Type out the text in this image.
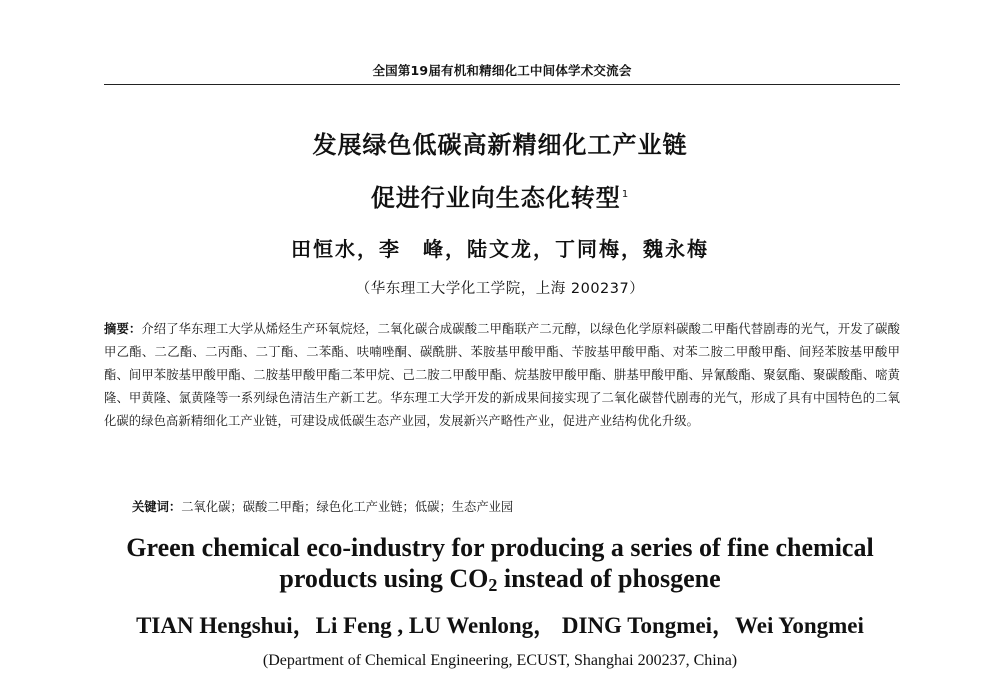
全国第19届有机和精细化工中间体学术交流会
发展绿色低碳高新精细化工产业链
促进行业向生态化转型$^1$
田恒水，李　峰，陆文龙，丁同梅，魏永梅
（华东理工大学化工学院，上海 200237）
摘要：介绍了华东理工大学从烯烃生产环氧烷烃，二氧化碳合成碳酸二甲酯联产二元醇，以绿色化学原料碳酸二甲酯代替剧毒的光气，开发了碳酸甲乙酯、二乙酯、二丙酯、二丁酯、二苯酯、呋喃唑酮、碳酰肼、苯胺基甲酸甲酯、苄胺基甲酸甲酯、对苯二胺二甲酸甲酯、间羟苯胺基甲酸甲酯、间甲苯胺基甲酸甲酯、二胺基甲酸甲酯二苯甲烷、己二胺二甲酸甲酯、烷基胺甲酸甲酯、肼基甲酸甲酯、异氰酸酯、聚氨酯、聚碳酸酯、嘧黄隆、甲黄隆、氯黄隆等一系列绿色清洁生产新工艺。华东理工大学开发的新成果间接实现了二氧化碳替代剧毒的光气，形成了具有中国特色的二氧化碳的绿色高新精细化工产业链，可建设成低碳生态产业园，发展新兴产略性产业，促进产业结构优化升级。
关键词：二氧化碳；碳酸二甲酯；绿色化工产业链；低碳；生态产业园
Green chemical eco-industry for producing a series of fine chemical
products using $CO_2$ instead of phosgene
TIAN Hengshui，Li Feng , LU Wenlong， DING Tongmei，Wei Yongmei
(Department of Chemical Engineering, ECUST, Shanghai 200237, China)
